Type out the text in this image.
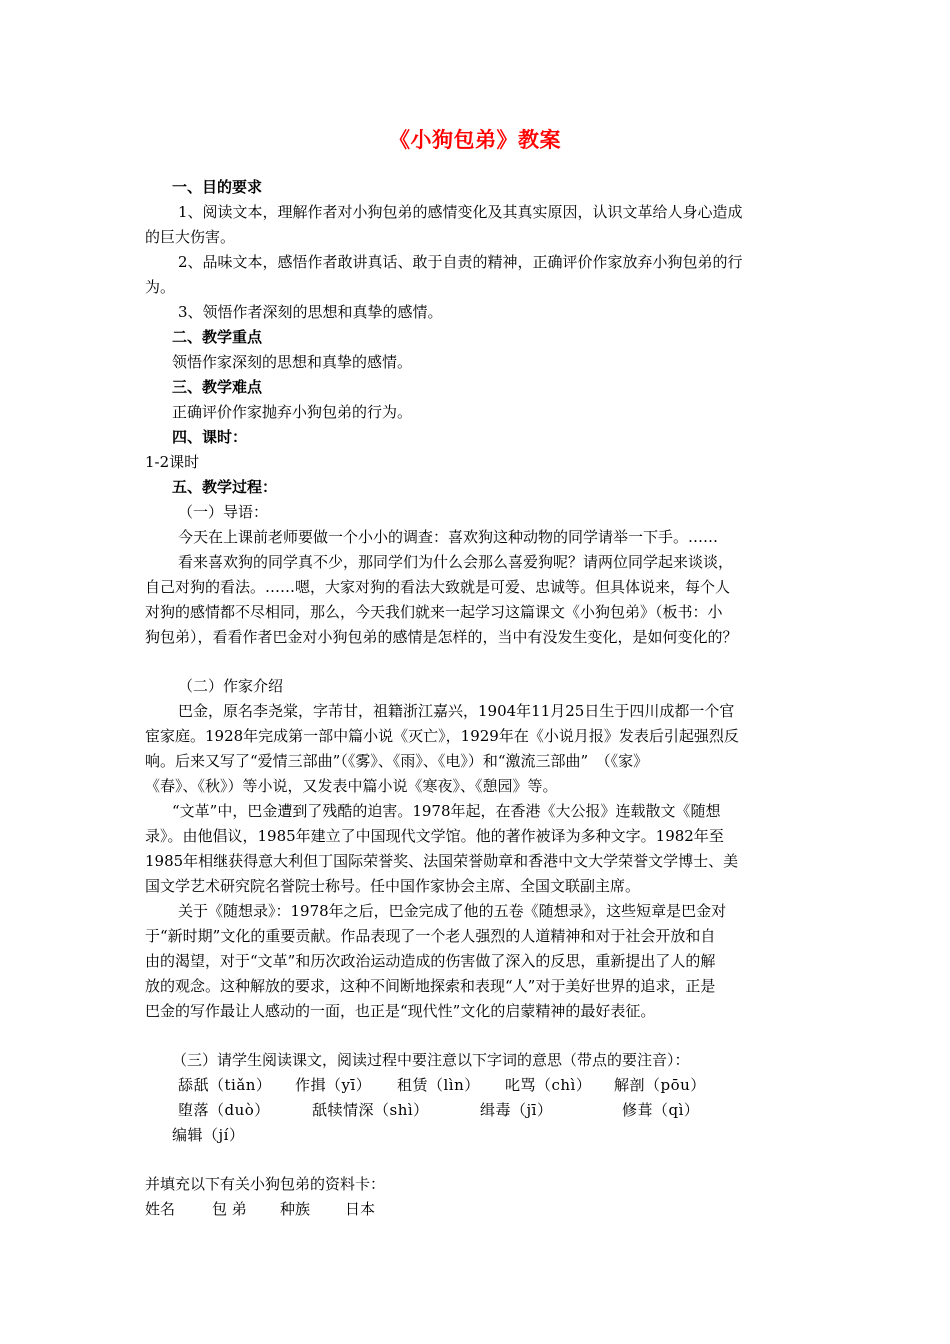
《小狗包弟》教案
一、目的要求
1、阅读文本，理解作者对小狗包弟的感情变化及其真实原因，认识文革给人身心造成
的巨大伤害。
2、品味文本，感悟作者敢讲真话、敢于自责的精神，正确评价作家放弃小狗包弟的行
为。
3、领悟作者深刻的思想和真挚的感情。
二、教学重点
领悟作家深刻的思想和真挚的感情。
三、教学难点
正确评价作家抛弃小狗包弟的行为。
四、课时：
1-2课时
五、教学过程：
（一）导语：
今天在上课前老师要做一个小小的调查：喜欢狗这种动物的同学请举一下手。……
看来喜欢狗的同学真不少，那同学们为什么会那么喜爱狗呢？请两位同学起来谈谈，
自己对狗的看法。……嗯，大家对狗的看法大致就是可爱、忠诚等。但具体说来，每个人
对狗的感情都不尽相同，那么，今天我们就来一起学习这篇课文《小狗包弟》（板书：小
狗包弟），看看作者巴金对小狗包弟的感情是怎样的，当中有没发生变化，是如何变化的？
（二）作家介绍
巴金，原名李尧棠，字芾甘，祖籍浙江嘉兴，1904年11月25日生于四川成都一个官
宦家庭。1928年完成第一部中篇小说《灭亡》，1929年在《小说月报》发表后引起强烈反
响。后来又写了“爱情三部曲”（《雾》、《雨》、《电》）和“激流三部曲”　（《家》
《春》、《秋》）等小说，又发表中篇小说《寒夜》、《憩园》等。
“文革”中，巴金遭到了残酷的迫害。1978年起，在香港《大公报》连载散文《随想
录》。由他倡议，1985年建立了中国现代文学馆。他的著作被译为多种文字。1982年至
1985年相继获得意大利但丁国际荣誉奖、法国荣誉勋章和香港中文大学荣誉文学博士、美
国文学艺术研究院名誉院士称号。任中国作家协会主席、全国文联副主席。
关于《随想录》：1978年之后，巴金完成了他的五卷《随想录》，这些短章是巴金对
于“新时期”文化的重要贡献。作品表现了一个老人强烈的人道精神和对于社会开放和自
由的渴望，对于“文革”和历次政治运动造成的伤害做了深入的反思，重新提出了人的解
放的观念。这种解放的要求，这种不间断地探索和表现“人”对于美好世界的追求，正是
巴金的写作最让人感动的一面，也正是“现代性”文化的启蒙精神的最好表征。
（三）请学生阅读课文，阅读过程中要注意以下字词的意思（带点的要注音）：
舔舐（tiǎn） 作揖（yī） 租赁（lìn） 叱骂（chì） 解剖（pōu）
堕落（duò）	舐犊情深（shì）	缉毒（jī）	修葺（qì）
编辑（jí）
并填充以下有关小狗包弟的资料卡：
姓名 包 弟 种族 日本
